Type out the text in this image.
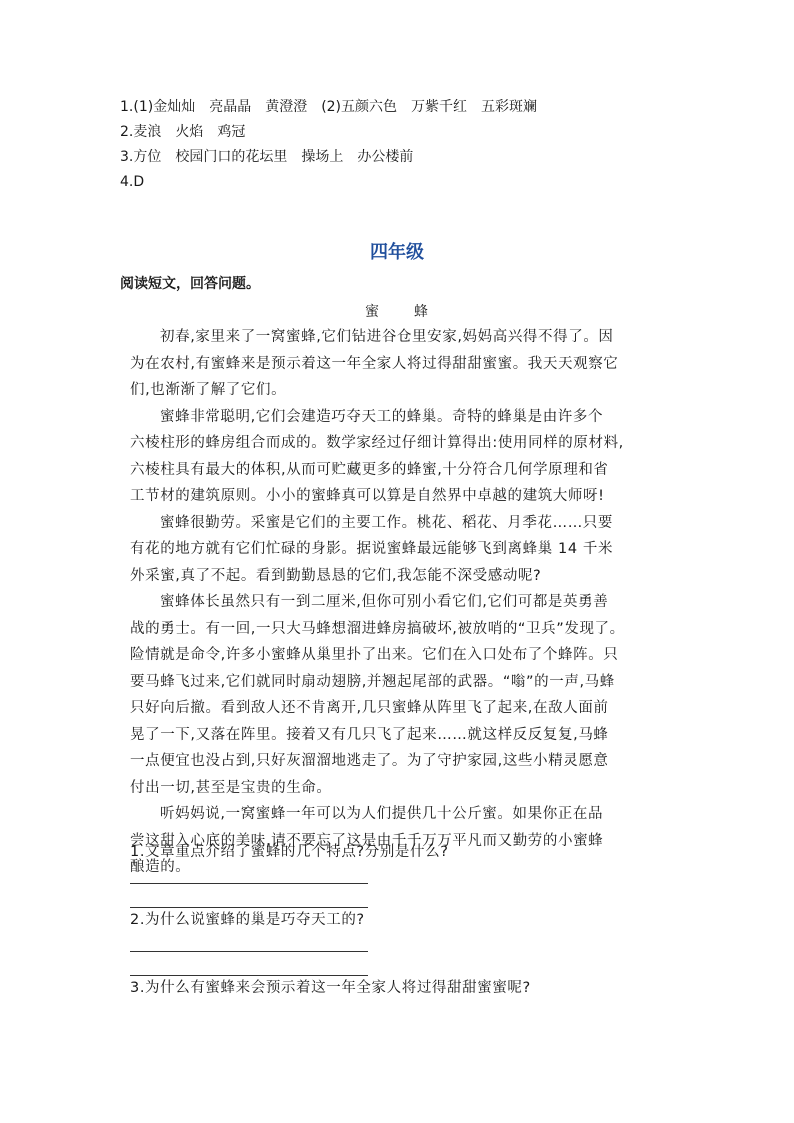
1.(1)金灿灿　亮晶晶　黄澄澄　(2)五颜六色　万紫千红　五彩斑斓
2.麦浪　火焰　鸡冠
3.方位　校园门口的花坛里　操场上　办公楼前
4.D
四年级
阅读短文，回答问题。
蜜 蜂
初春,家里来了一窝蜜蜂,它们钻进谷仓里安家,妈妈高兴得不得了。因
为在农村,有蜜蜂来是预示着这一年全家人将过得甜甜蜜蜜。我天天观察它
们,也渐渐了解了它们。
蜜蜂非常聪明,它们会建造巧夺天工的蜂巢。奇特的蜂巢是由许多个
六棱柱形的蜂房组合而成的。数学家经过仔细计算得出:使用同样的原材料,
六棱柱具有最大的体积,从而可贮藏更多的蜂蜜,十分符合几何学原理和省
工节材的建筑原则。小小的蜜蜂真可以算是自然界中卓越的建筑大师呀!
蜜蜂很勤劳。采蜜是它们的主要工作。桃花、稻花、月季花……只要
有花的地方就有它们忙碌的身影。据说蜜蜂最远能够飞到离蜂巢 14 千米
外采蜜,真了不起。看到勤勤恳恳的它们,我怎能不深受感动呢?
蜜蜂体长虽然只有一到二厘米,但你可别小看它们,它们可都是英勇善
战的勇士。有一回,一只大马蜂想溜进蜂房搞破坏,被放哨的“卫兵”发现了。
险情就是命令,许多小蜜蜂从巢里扑了出来。它们在入口处布了个蜂阵。只
要马蜂飞过来,它们就同时扇动翅膀,并翘起尾部的武器。“嗡”的一声,马蜂
只好向后撤。看到敌人还不肯离开,几只蜜蜂从阵里飞了起来,在敌人面前
晃了一下,又落在阵里。接着又有几只飞了起来……就这样反反复复,马蜂
一点便宜也没占到,只好灰溜溜地逃走了。为了守护家园,这些小精灵愿意
付出一切,甚至是宝贵的生命。
听妈妈说,一窝蜜蜂一年可以为人们提供几十公斤蜜。如果你正在品
尝这甜入心底的美味,请不要忘了这是由千千万万平凡而又勤劳的小蜜蜂
酿造的。
1.文章重点介绍了蜜蜂的几个特点?分别是什么?
2.为什么说蜜蜂的巢是巧夺天工的?
3.为什么有蜜蜂来会预示着这一年全家人将过得甜甜蜜蜜呢?
